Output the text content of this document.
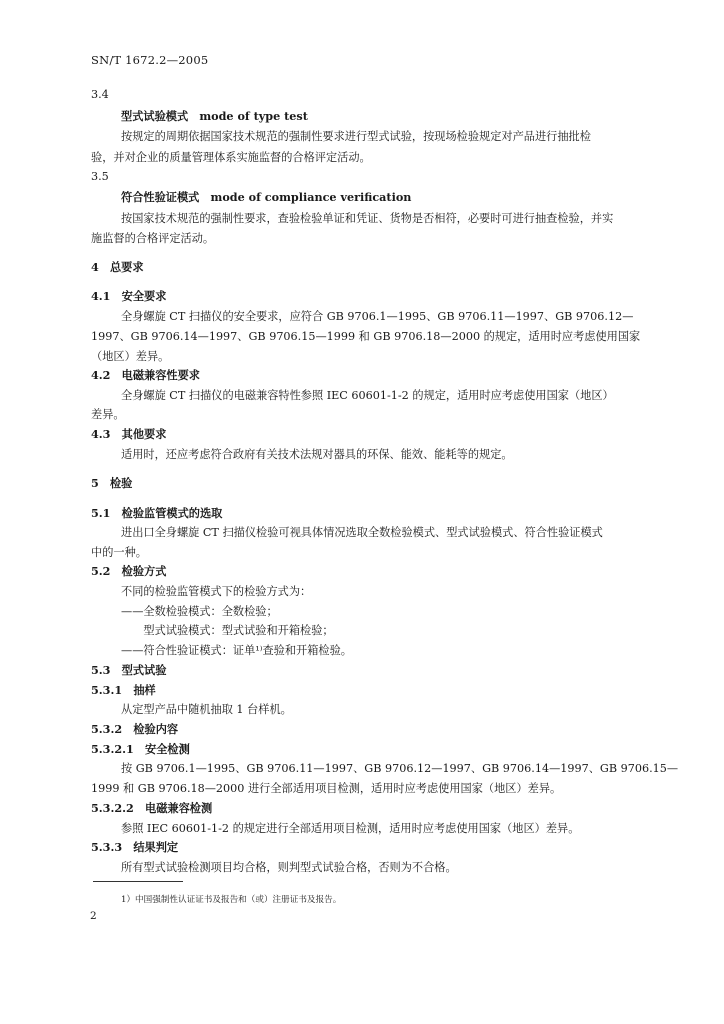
SN/T 1672.2—2005
3.4
型式试验模式　mode of type test
按规定的周期依据国家技术规范的强制性要求进行型式试验，按现场检验规定对产品进行抽批检
验，并对企业的质量管理体系实施监督的合格评定活动。
3.5
符合性验证模式　mode of compliance verification
按国家技术规范的强制性要求，查验检验单证和凭证、货物是否相符，必要时可进行抽查检验，并实
施监督的合格评定活动。
4　总要求
4.1　安全要求
全身螺旋 CT 扫描仪的安全要求，应符合 GB 9706.1—1995、GB 9706.11—1997、GB 9706.12—
1997、GB 9706.14—1997、GB 9706.15—1999 和 GB 9706.18—2000 的规定，适用时应考虑使用国家
（地区）差异。
4.2　电磁兼容性要求
全身螺旋 CT 扫描仪的电磁兼容特性参照 IEC 60601-1-2 的规定，适用时应考虑使用国家（地区）
差异。
4.3　其他要求
适用时，还应考虑符合政府有关技术法规对器具的环保、能效、能耗等的规定。
5　检验
5.1　检验监管模式的选取
进出口全身螺旋 CT 扫描仪检验可视具体情况选取全数检验模式、型式试验模式、符合性验证模式
中的一种。
5.2　检验方式
不同的检验监管模式下的检验方式为：
——全数检验模式：全数检验；
　　型式试验模式：型式试验和开箱检验；
——符合性验证模式：证单¹⁾查验和开箱检验。
5.3　型式试验
5.3.1　抽样
从定型产品中随机抽取 1 台样机。
5.3.2　检验内容
5.3.2.1　安全检测
按 GB 9706.1—1995、GB 9706.11—1997、GB 9706.12—1997、GB 9706.14—1997、GB 9706.15—
1999 和 GB 9706.18—2000 进行全部适用项目检测，适用时应考虑使用国家（地区）差异。
5.3.2.2　电磁兼容检测
参照 IEC 60601-1-2 的规定进行全部适用项目检测，适用时应考虑使用国家（地区）差异。
5.3.3　结果判定
所有型式试验检测项目均合格，则判型式试验合格，否则为不合格。
1）中国强制性认证证书及报告和（或）注册证书及报告。
2
